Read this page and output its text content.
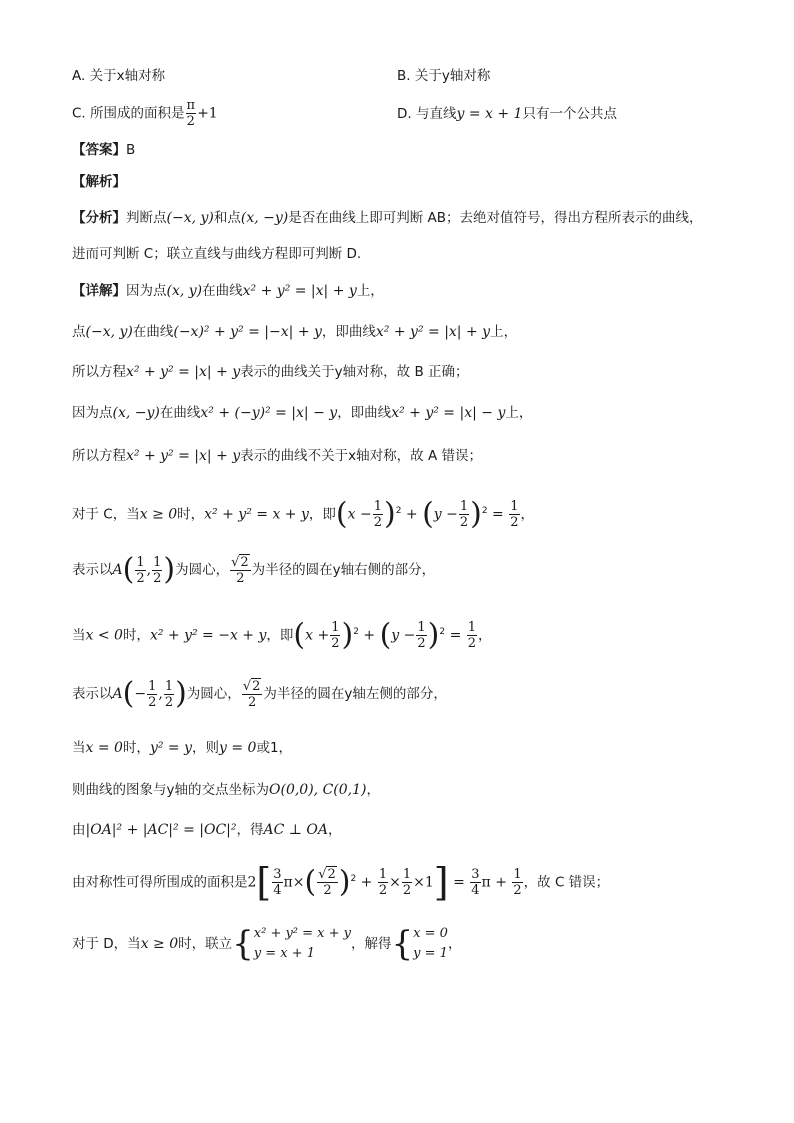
A. 关于x轴对称	B. 关于y轴对称
C. 所围成的面积是 $\frac{\pi}{2} +1$	D. 与直线y = x + 1只有一个公共点
【答案】B
【解析】
【分析】判断点(−x, y)和点(x, −y)是否在曲线上即可判断 AB；去绝对值符号，得出方程所表示的曲线，
进而可判断 C；联立直线与曲线方程即可判断 D.
【详解】因为点(x, y)在曲线x² + y² = |x| + y上，
点(−x, y)在曲线(−x)² + y² = |−x| + y，即曲线x² + y² = |x| + y上，
所以方程x² + y² = |x| + y表示的曲线关于y轴对称，故 B 正确；
因为点(x, −y)在曲线x² + (−y)² = |x| − y，即曲线x² + y² = |x| − y上，
所以方程x² + y² = |x| + y表示的曲线不关于x轴对称，故 A 错误；
对于 C，当x ≥ 0时，x² + y² = x + y，即$(x - \frac{1}{2} )^2 + (y - \frac{1}{2} )^2 = \frac{1}{2}$ ，
表示以$A( \frac{1}{2}$ , $\frac{1}{2}$ )为圆心， $\frac{√2}{2}$ 为半径的圆在y轴右侧的部分，
当x < 0时，x² + y² = −x + y，即$(x + \frac{1}{2} )^2 + (y - \frac{1}{2} )^2 = \frac{1}{2}$ ，
表示以$A(- \frac{1}{2}$ , $\frac{1}{2}$ )为圆心， $\frac{√2}{2}$ 为半径的圆在y轴左侧的部分，
当x = 0时，y² = y，则y = 0或1，
则曲线的图象与y轴的交点坐标为O(0,0), C(0,1)，
由|OA|² + |AC|² = |OC|²，得AC ⊥ OA，
由对称性可得所围成的面积是$2[ \frac{3}{4} \pi\times( \frac{√2}{2} )^2 + \frac{1}{2} \times \frac{1}{2} \times 1] = \frac{3}{4}$ $\pi + \frac{1}{2}$ ，故 C 错误；
对于 D，当x ≥ 0时，联立{ x² + y² = x + y
y = x + 1
，解得{ x = 0
y = 1
，
